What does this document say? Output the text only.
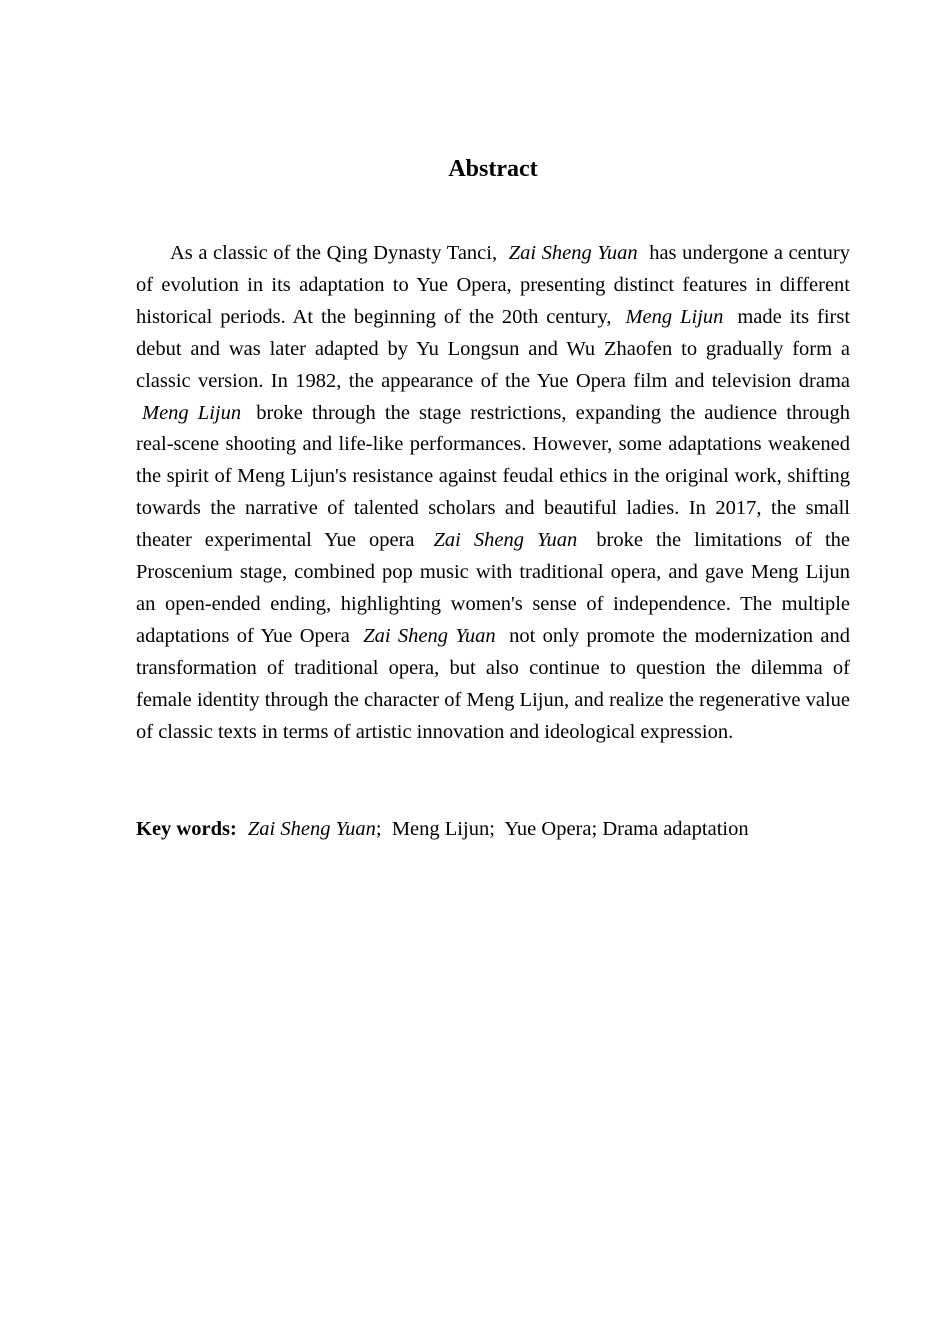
Abstract

As a classic of the Qing Dynasty Tanci, Zai Sheng Yuan has undergone a century of evolution in its adaptation to Yue Opera, presenting distinct features in different historical periods. At the beginning of the 20th century, Meng Lijun made its first debut and was later adapted by Yu Longsun and Wu Zhaofen to gradually form a classic version. In 1982, the appearance of the Yue Opera film and television drama Meng Lijun broke through the stage restrictions, expanding the audience through real-scene shooting and life-like performances. However, some adaptations weakened the spirit of Meng Lijun's resistance against feudal ethics in the original work, shifting towards the narrative of talented scholars and beautiful ladies. In 2017, the small theater experimental Yue opera Zai Sheng Yuan broke the limitations of the Proscenium stage, combined pop music with traditional opera, and gave Meng Lijun an open-ended ending, highlighting women's sense of independence. The multiple adaptations of Yue Opera Zai Sheng Yuan not only promote the modernization and transformation of traditional opera, but also continue to question the dilemma of female identity through the character of Meng Lijun, and realize the regenerative value of classic texts in terms of artistic innovation and ideological expression.

Key words: Zai Sheng Yuan;  Meng Lijun;  Yue Opera; Drama adaptation
